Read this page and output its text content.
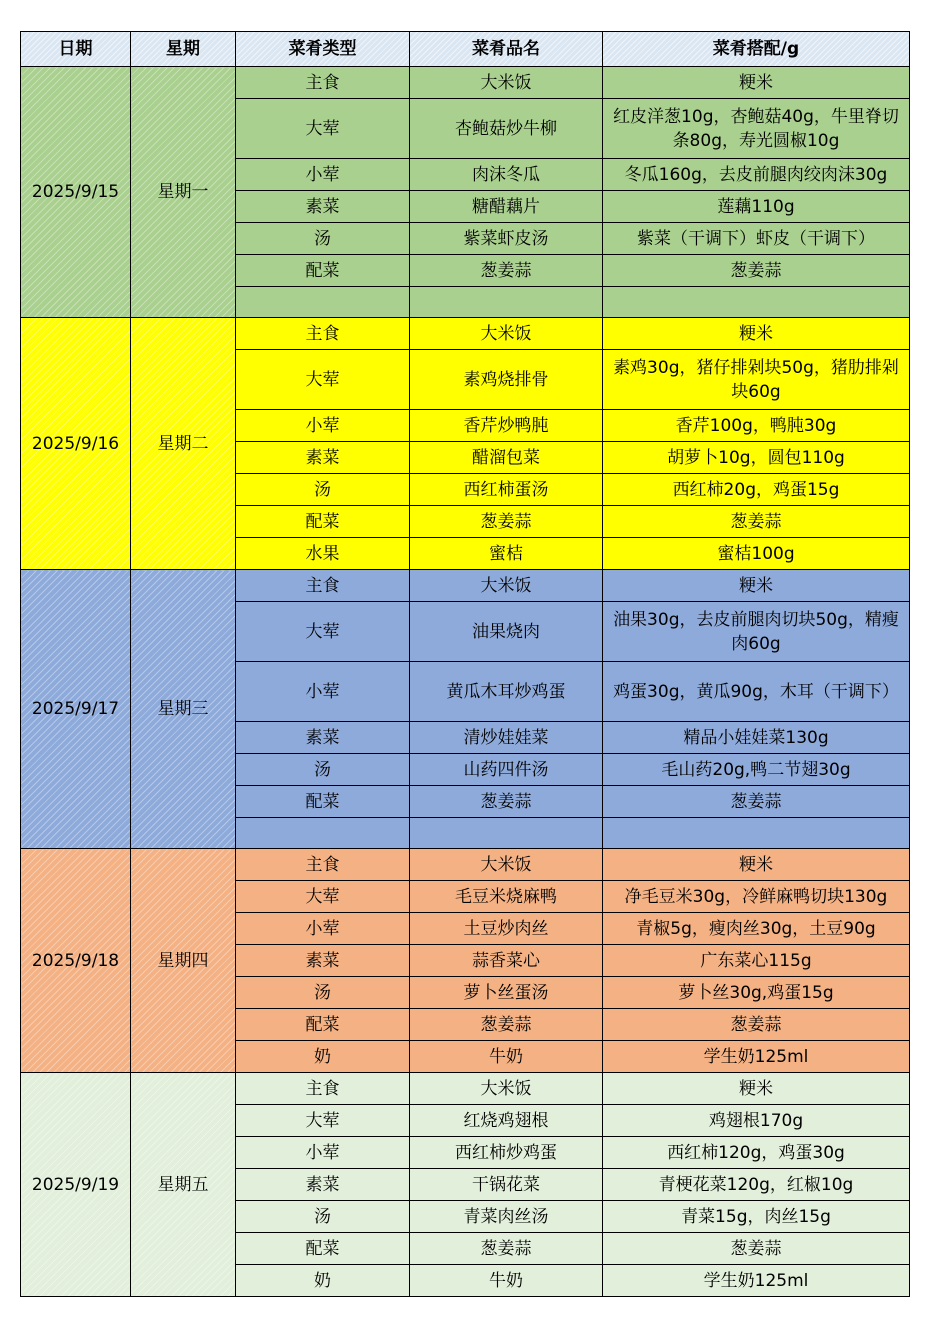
日期	星期	菜肴类型	菜肴品名	菜肴搭配/g
2025/9/15	星期一	主食	大米饭	粳米
		大荤	杏鲍菇炒牛柳	红皮洋葱10g，杏鲍菇40g，牛里脊切条80g，寿光圆椒10g
		小荤	肉沫冬瓜	冬瓜160g，去皮前腿肉绞肉沫30g
		素菜	糖醋藕片	莲藕110g
		汤	紫菜虾皮汤	紫菜（干调下）虾皮（干调下）
		配菜	葱姜蒜	葱姜蒜

2025/9/16	星期二	主食	大米饭	粳米
		大荤	素鸡烧排骨	素鸡30g，猪仔排剁块50g，猪肋排剁块60g
		小荤	香芹炒鸭肫	香芹100g，鸭肫30g
		素菜	醋溜包菜	胡萝卜10g，圆包110g
		汤	西红柿蛋汤	西红柿20g，鸡蛋15g
		配菜	葱姜蒜	葱姜蒜
		水果	蜜桔	蜜桔100g
2025/9/17	星期三	主食	大米饭	粳米
		大荤	油果烧肉	油果30g，去皮前腿肉切块50g，精瘦肉60g
		小荤	黄瓜木耳炒鸡蛋	鸡蛋30g，黄瓜90g，木耳（干调下）
		素菜	清炒娃娃菜	精品小娃娃菜130g
		汤	山药四件汤	毛山药20g,鸭二节翅30g
		配菜	葱姜蒜	葱姜蒜

2025/9/18	星期四	主食	大米饭	粳米
		大荤	毛豆米烧麻鸭	净毛豆米30g，冷鲜麻鸭切块130g
		小荤	土豆炒肉丝	青椒5g，瘦肉丝30g，土豆90g
		素菜	蒜香菜心	广东菜心115g
		汤	萝卜丝蛋汤	萝卜丝30g,鸡蛋15g
		配菜	葱姜蒜	葱姜蒜
		奶	牛奶	学生奶125ml
2025/9/19	星期五	主食	大米饭	粳米
		大荤	红烧鸡翅根	鸡翅根170g
		小荤	西红柿炒鸡蛋	西红柿120g，鸡蛋30g
		素菜	干锅花菜	青梗花菜120g，红椒10g
		汤	青菜肉丝汤	青菜15g，肉丝15g
		配菜	葱姜蒜	葱姜蒜
		奶	牛奶	学生奶125ml
